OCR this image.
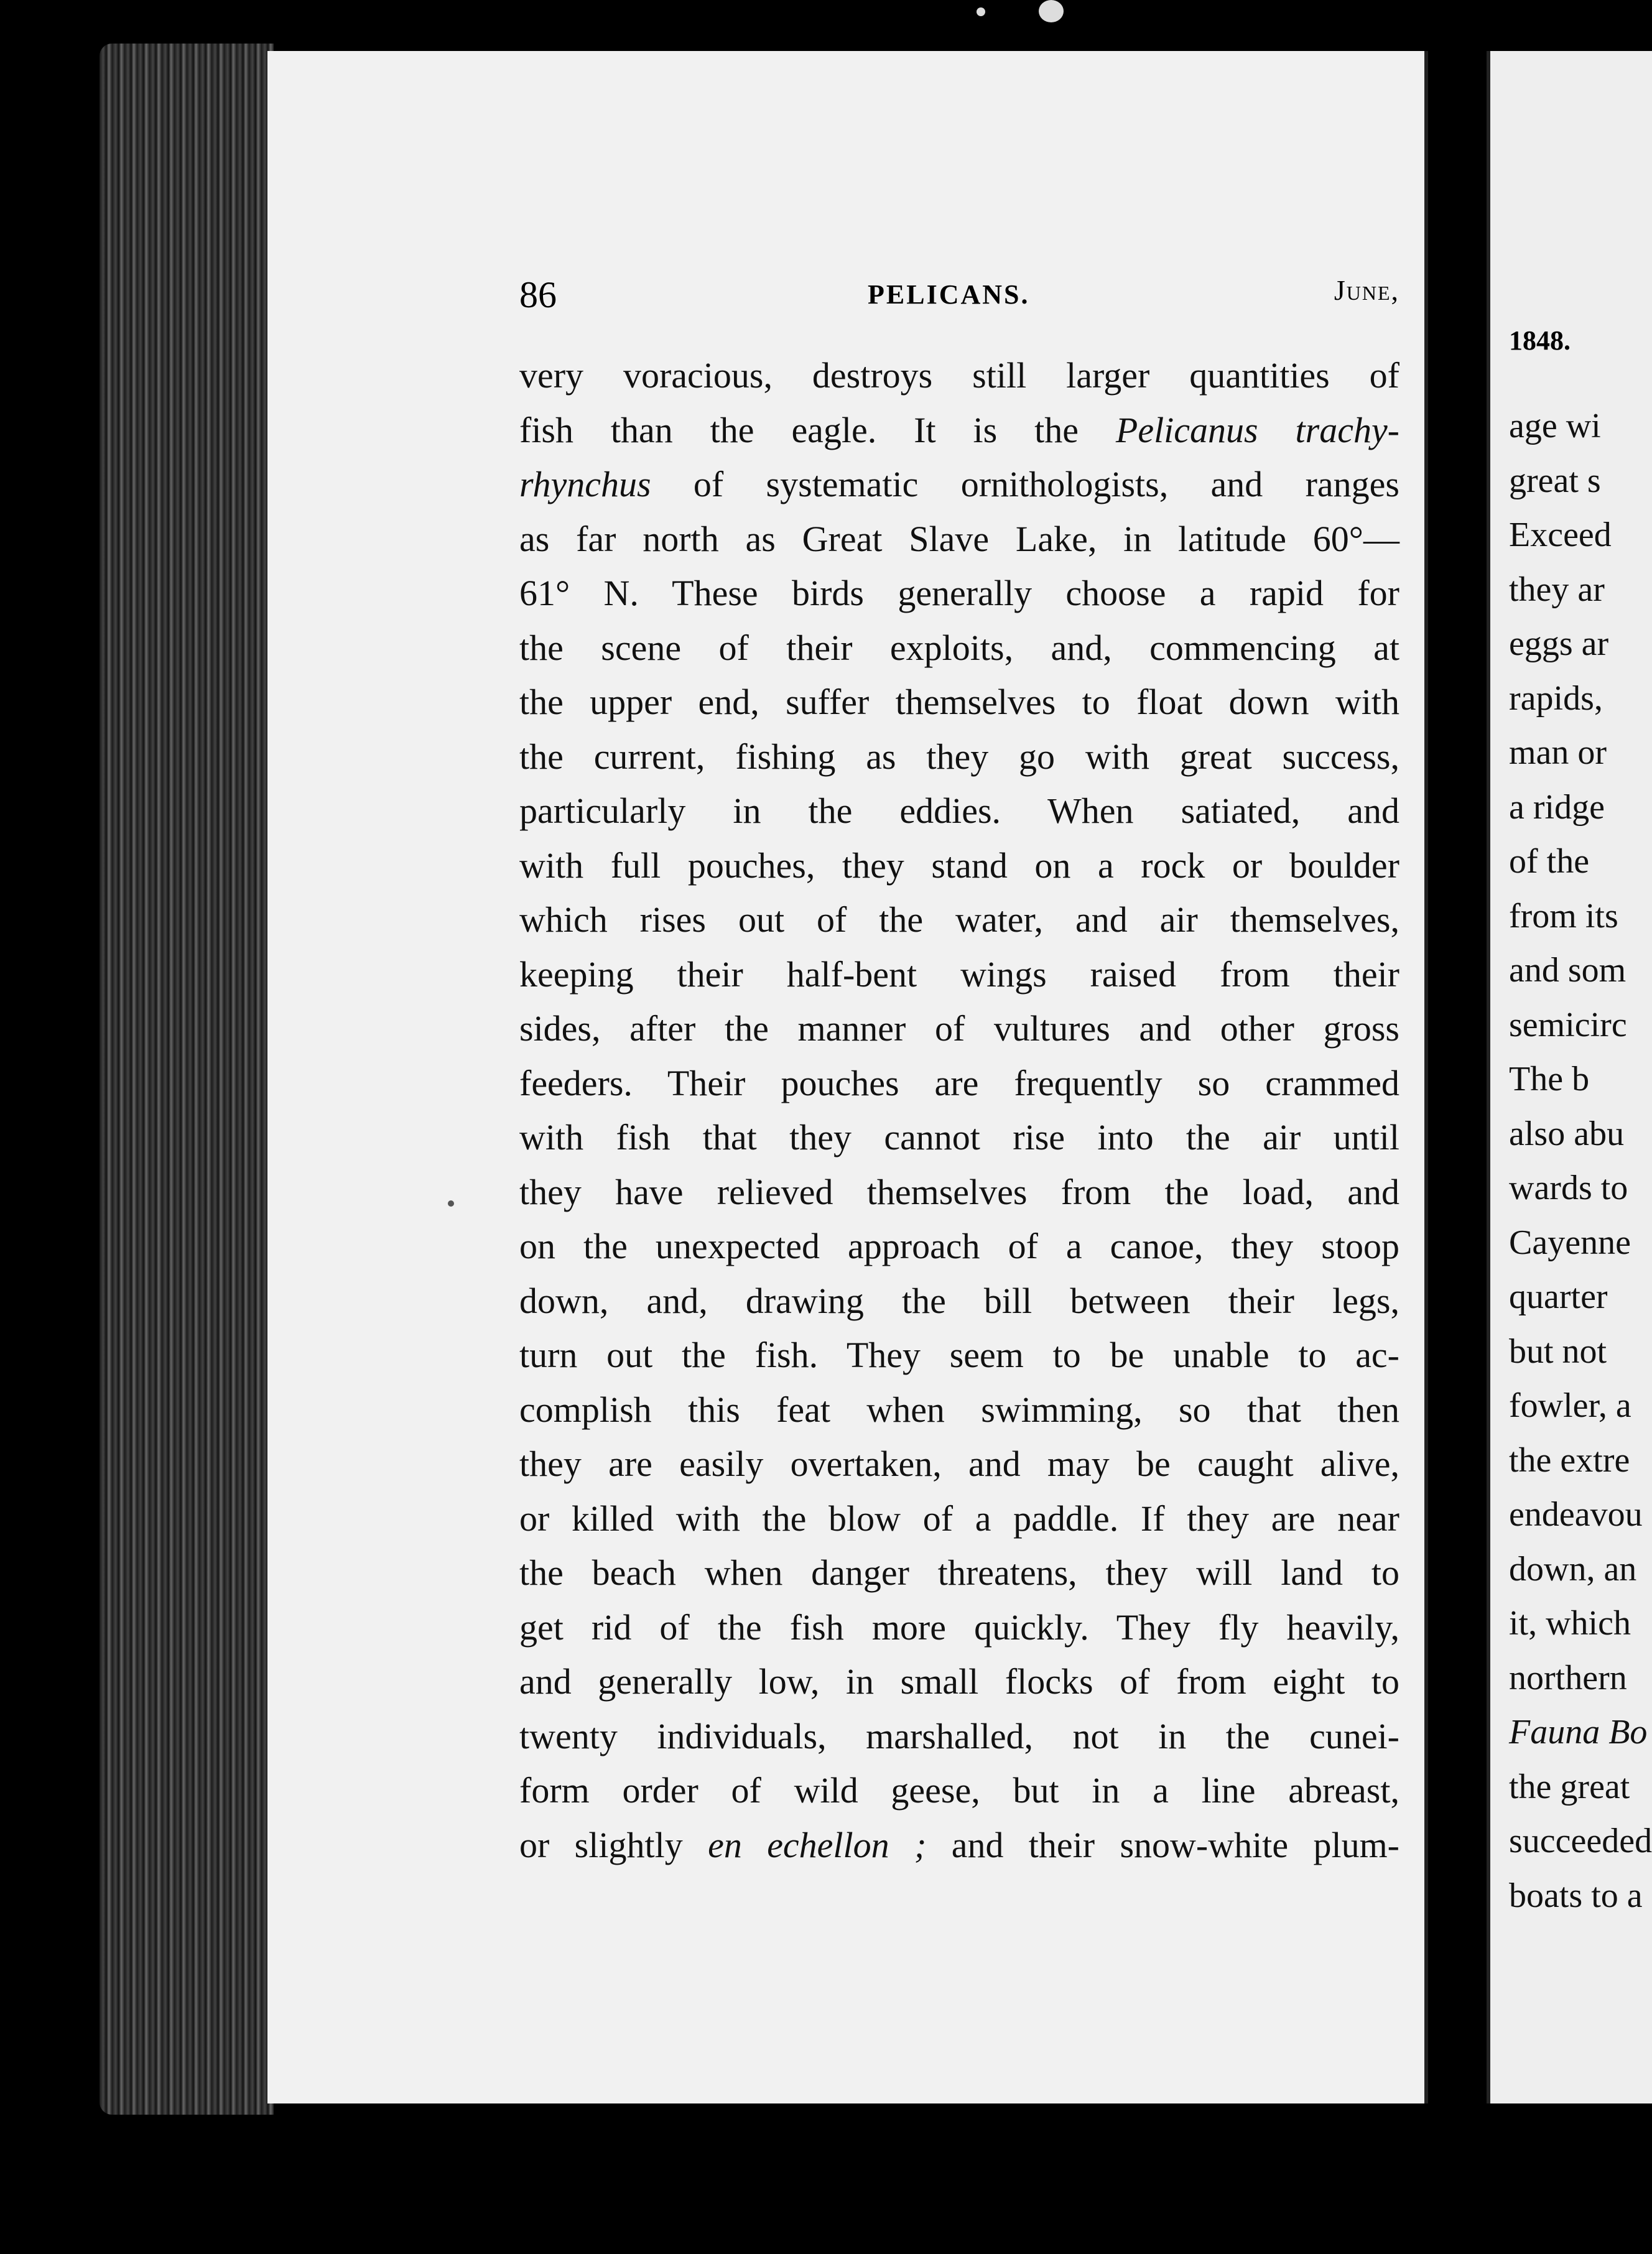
86	PELICANS.	June,
very voracious, destroys still larger quantities of
fish than the eagle. It is the Pelicanus trachy-
rhynchus of systematic ornithologists, and ranges
as far north as Great Slave Lake, in latitude 60°—
61° N. These birds generally choose a rapid for
the scene of their exploits, and, commencing at
the upper end, suffer themselves to float down with
the current, fishing as they go with great success,
particularly in the eddies. When satiated, and
with full pouches, they stand on a rock or boulder
which rises out of the water, and air themselves,
keeping their half-bent wings raised from their
sides, after the manner of vultures and other gross
feeders. Their pouches are frequently so crammed
with fish that they cannot rise into the air until
they have relieved themselves from the load, and
on the unexpected approach of a canoe, they stoop
down, and, drawing the bill between their legs,
turn out the fish. They seem to be unable to ac-
complish this feat when swimming, so that then
they are easily overtaken, and may be caught alive,
or killed with the blow of a paddle. If they are near
the beach when danger threatens, they will land to
get rid of the fish more quickly. They fly heavily,
and generally low, in small flocks of from eight to
twenty individuals, marshalled, not in the cunei-
form order of wild geese, but in a line abreast,
or slightly en echellon ; and their snow-white plum-
1848.
age wi
great s
Exceed
they ar
eggs ar
rapids,
man or
a ridge
of the
from its
and som
semicirc
The b
also abu
wards to
Cayenne
quarter
but not
fowler, a
the extre
endeavou
down, an
it, which
northern
Fauna Bo
the great
succeeded
boats to a
